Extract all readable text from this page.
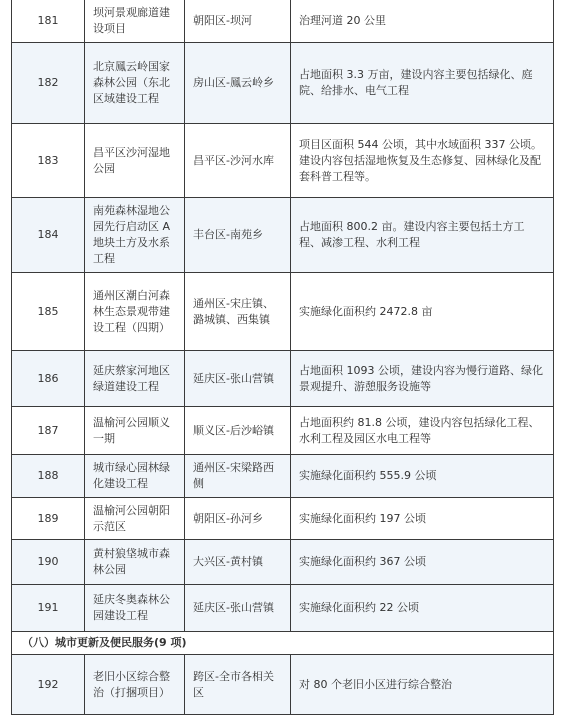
181	坝河景观廊道建设项目	朝阳区-坝河	治理河道 20 公里
182	北京鳳云岭国家森林公园（东北区域建设工程	房山区-鳳云岭乡	占地面积 3.3 万亩，建设内容主要包括绿化、庭院、给排水、电气工程
183	昌平区沙河湿地公园	昌平区-沙河水库	项目区面积 544 公顷，其中水域面积 337 公顷。建设内容包括湿地恢复及生态修复、园林绿化及配套科普工程等。
184	南苑森林湿地公园先行启动区 A 地块土方及水系工程	丰台区-南苑乡	占地面积 800.2 亩。建设内容主要包括土方工程、减渗工程、水利工程
185	通州区潮白河森林生态景观带建设工程（四期）	通州区-宋庄镇、潞城镇、西集镇	实施绿化面积约 2472.8 亩
186	延庆蔡家河地区绿道建设工程	延庆区-张山营镇	占地面积 1093 公顷，建设内容为慢行道路、绿化景观提升、游憩服务设施等
187	温榆河公园顺义一期	顺义区-后沙峪镇	占地面积约 81.8 公顷，建设内容包括绿化工程、水利工程及园区水电工程等
188	城市绿心园林绿化建设工程	通州区-宋梁路西侧	实施绿化面积约 555.9 公顷
189	温榆河公园朝阳示范区	朝阳区-孙河乡	实施绿化面积约 197 公顷
190	黄村狼垡城市森林公园	大兴区-黄村镇	实施绿化面积约 367 公顷
191	延庆冬奥森林公园建设工程	延庆区-张山营镇	实施绿化面积约 22 公顷
（八）城市更新及便民服务(9 项)			
192	老旧小区综合整治（打捆项目）	跨区-全市各相关区	对 80 个老旧小区进行综合整治
